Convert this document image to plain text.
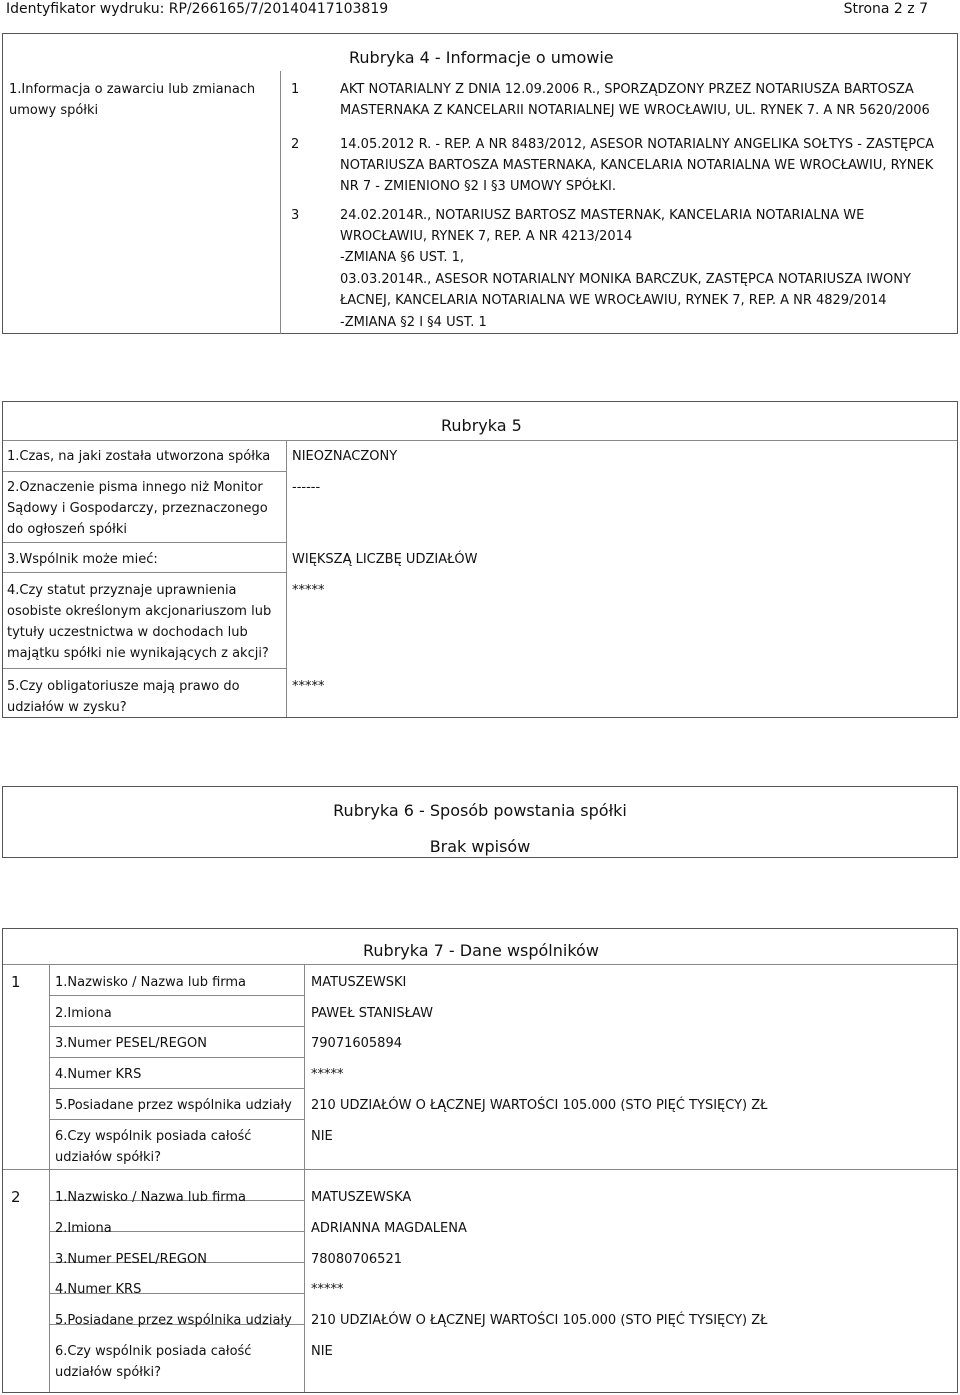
Identyfikator wydruku: RP/266165/7/20140417103819	Strona 2 z 7
Rubryka 4 - Informacje o umowie
1.Informacja o zawarciu lub zmianach umowy spółki
1	AKT NOTARIALNY Z DNIA 12.09.2006 R., SPORZĄDZONY PRZEZ NOTARIUSZA BARTOSZA
MASTERNAKA Z KANCELARII NOTARIALNEJ WE WROCŁAWIU, UL. RYNEK 7. A NR 5620/2006
2	14.05.2012 R. - REP. A NR 8483/2012, ASESOR NOTARIALNY ANGELIKA SOŁTYS - ZASTĘPCA
NOTARIUSZA BARTOSZA MASTERNAKA, KANCELARIA NOTARIALNA WE WROCŁAWIU, RYNEK
NR 7 - ZMIENIONO §2 I §3 UMOWY SPÓŁKI.
3	24.02.2014R., NOTARIUSZ BARTOSZ MASTERNAK, KANCELARIA NOTARIALNA WE
WROCŁAWIU, RYNEK 7, REP. A NR 4213/2014
-ZMIANA §6 UST. 1,
03.03.2014R., ASESOR NOTARIALNY MONIKA BARCZUK, ZASTĘPCA NOTARIUSZA IWONY
ŁACNEJ, KANCELARIA NOTARIALNA WE WROCŁAWIU, RYNEK 7, REP. A NR 4829/2014
-ZMIANA §2 I §4 UST. 1
Rubryka 5
1.Czas, na jaki została utworzona spółka NIEOZNACZONY
2.Oznaczenie pisma innego niż Monitor Sądowy i Gospodarczy, przeznaczonego do ogłoszeń spółki
------
3.Wspólnik może mieć:	WIĘKSZĄ LICZBĘ UDZIAŁÓW
4.Czy statut przyznaje uprawnienia osobiste określonym akcjonariuszom lub tytuły uczestnictwa w dochodach lub majątku spółki nie wynikających z akcji?
*****
5.Czy obligatoriusze mają prawo do udziałów w zysku?
*****
Rubryka 6 - Sposób powstania spółki
Brak wpisów
Rubryka 7 - Dane wspólników
1	1.Nazwisko / Nazwa lub firma	MATUSZEWSKI
2.Imiona	PAWEŁ STANISŁAW
3.Numer PESEL/REGON	79071605894
4.Numer KRS	*****
5.Posiadane przez wspólnika udziały 210 UDZIAŁÓW O ŁĄCZNEJ WARTOŚCI 105.000 (STO PIĘĆ TYSIĘCY) ZŁ
6.Czy wspólnik posiada całość udziałów spółki?
NIE
2	1.Nazwisko / Nazwa lub firma	MATUSZEWSKA
2.Imiona	ADRIANNA MAGDALENA
3.Numer PESEL/REGON	78080706521
4.Numer KRS	*****
5.Posiadane przez wspólnika udziały 210 UDZIAŁÓW O ŁĄCZNEJ WARTOŚCI 105.000 (STO PIĘĆ TYSIĘCY) ZŁ
6.Czy wspólnik posiada całość udziałów spółki?
NIE
